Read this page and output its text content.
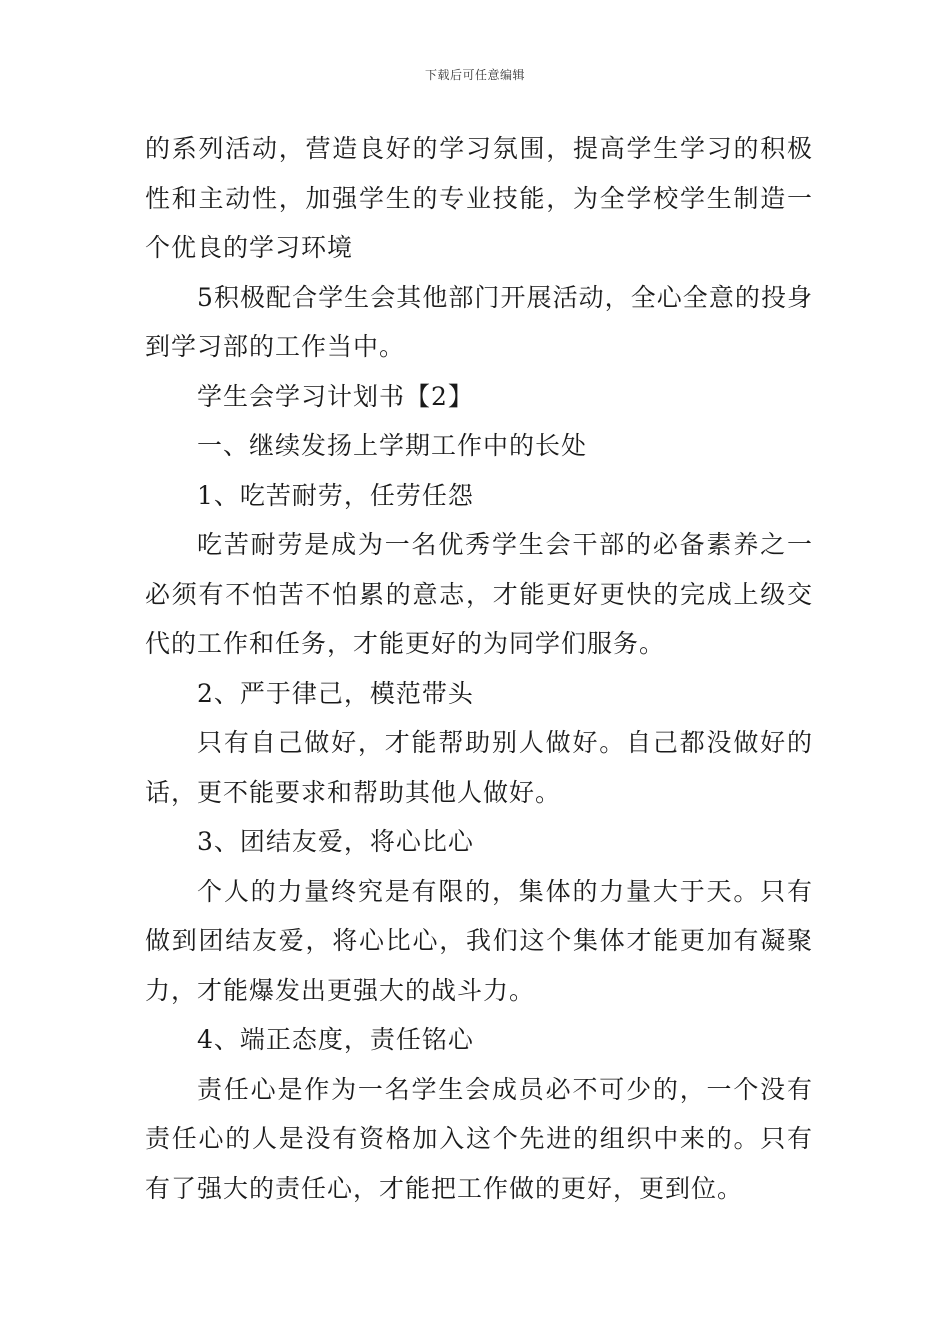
下载后可任意编辑

的系列活动，营造良好的学习氛围，提高学生学习的积极性和主动性，加强学生的专业技能，为全学校学生制造一个优良的学习环境

5积极配合学生会其他部门开展活动，全心全意的投身到学习部的工作当中。

学生会学习计划书【2】

一、继续发扬上学期工作中的长处

1、吃苦耐劳，任劳任怨

吃苦耐劳是成为一名优秀学生会干部的必备素养之一必须有不怕苦不怕累的意志，才能更好更快的完成上级交代的工作和任务，才能更好的为同学们服务。

2、严于律己，模范带头

只有自己做好，才能帮助别人做好。自己都没做好的话，更不能要求和帮助其他人做好。

3、团结友爱，将心比心

个人的力量终究是有限的，集体的力量大于天。只有做到团结友爱，将心比心，我们这个集体才能更加有凝聚力，才能爆发出更强大的战斗力。

4、端正态度，责任铭心

责任心是作为一名学生会成员必不可少的，一个没有责任心的人是没有资格加入这个先进的组织中来的。只有有了强大的责任心，才能把工作做的更好，更到位。
